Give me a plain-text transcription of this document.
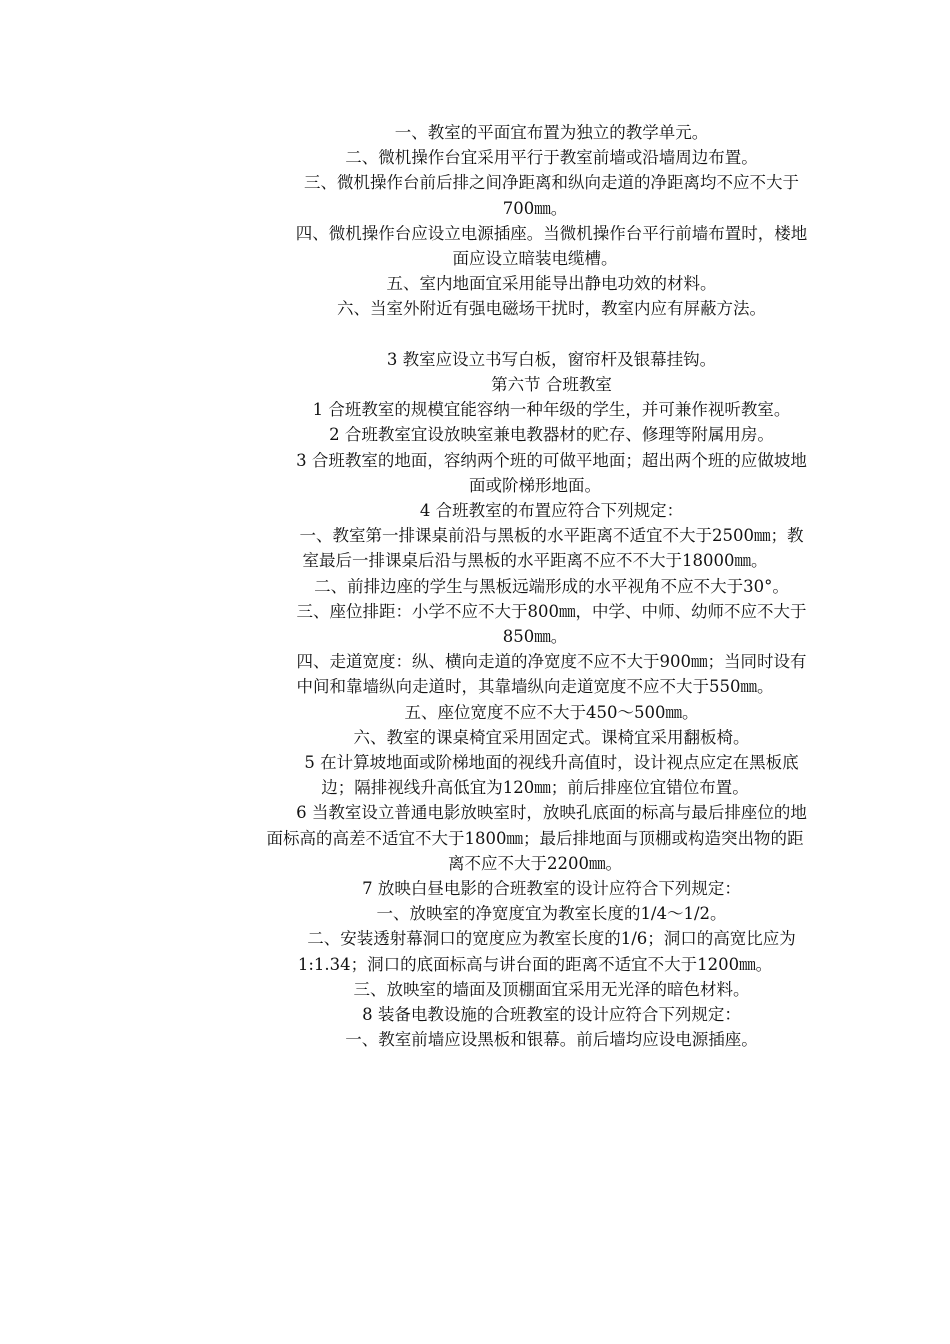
一、教室的平面宜布置为独立的教学单元。

二、微机操作台宜采用平行于教室前墙或沿墙周边布置。

三、微机操作台前后排之间净距离和纵向走道的净距离均不应不大于700㎜。

四、微机操作台应设立电源插座。当微机操作台平行前墙布置时，楼地面应设立暗装电缆槽。

五、室内地面宜采用能导出静电功效的材料。

六、当室外附近有强电磁场干扰时，教室内应有屏蔽方法。

3 教室应设立书写白板，窗帘杆及银幕挂钩。

第六节 合班教室

1 合班教室的规模宜能容纳一种年级的学生，并可兼作视听教室。

2 合班教室宜设放映室兼电教器材的贮存、修理等附属用房。

3 合班教室的地面，容纳两个班的可做平地面；超出两个班的应做坡地面或阶梯形地面。

4 合班教室的布置应符合下列规定：

一、教室第一排课桌前沿与黑板的水平距离不适宜不大于2500㎜；教室最后一排课桌后沿与黑板的水平距离不应不不大于18000㎜。

二、前排边座的学生与黑板远端形成的水平视角不应不大于30°。

三、座位排距：小学不应不大于800㎜，中学、中师、幼师不应不大于850㎜。

四、走道宽度：纵、横向走道的净宽度不应不大于900㎜；当同时设有中间和靠墙纵向走道时，其靠墙纵向走道宽度不应不大于550㎜。

五、座位宽度不应不大于450～500㎜。

六、教室的课桌椅宜采用固定式。课椅宜采用翻板椅。

5 在计算坡地面或阶梯地面的视线升高值时，设计视点应定在黑板底边；隔排视线升高低宜为120㎜；前后排座位宜错位布置。

6 当教室设立普通电影放映室时，放映孔底面的标高与最后排座位的地面标高的高差不适宜不大于1800㎜；最后排地面与顶棚或构造突出物的距离不应不大于2200㎜。

7 放映白昼电影的合班教室的设计应符合下列规定：

一、放映室的净宽度宜为教室长度的1/4～1/2。

二、安装透射幕洞口的宽度应为教室长度的1/6；洞口的高宽比应为1:1.34；洞口的底面标高与讲台面的距离不适宜不大于1200㎜。

三、放映室的墙面及顶棚面宜采用无光泽的暗色材料。

8 装备电教设施的合班教室的设计应符合下列规定：

一、教室前墙应设黑板和银幕。前后墙均应设电源插座。
